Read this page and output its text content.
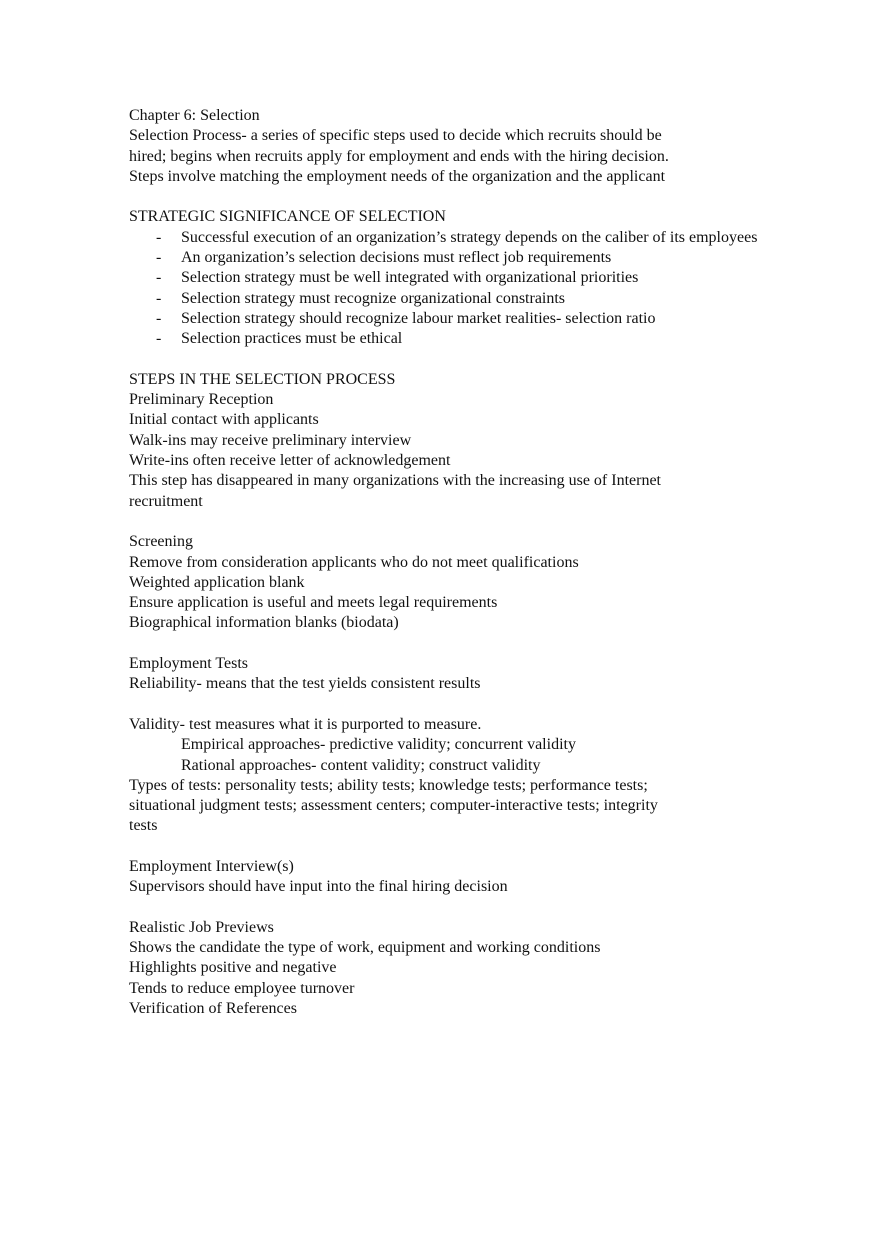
Chapter 6: Selection

Selection Process- a series of specific steps used to decide which recruits should be

hired; begins when recruits apply for employment and ends with the hiring decision.

Steps involve matching the employment needs of the organization and the applicant

STRATEGIC SIGNIFICANCE OF SELECTION

- Successful execution of an organization’s strategy depends on the caliber of its employees
- An organization’s selection decisions must reflect job requirements
- Selection strategy must be well integrated with organizational priorities
- Selection strategy must recognize organizational constraints
- Selection strategy should recognize labour market realities- selection ratio
- Selection practices must be ethical

STEPS IN THE SELECTION PROCESS

Preliminary Reception

Initial contact with applicants

Walk-ins may receive preliminary interview

Write-ins often receive letter of acknowledgement

This step has disappeared in many organizations with the increasing use of Internet

recruitment

Screening

Remove from consideration applicants who do not meet qualifications

Weighted application blank

Ensure application is useful and meets legal requirements

Biographical information blanks (biodata)

Employment Tests

Reliability- means that the test yields consistent results

Validity- test measures what it is purported to measure.

Empirical approaches- predictive validity; concurrent validity

Rational approaches- content validity; construct validity

Types of tests: personality tests; ability tests; knowledge tests; performance tests;

situational judgment tests; assessment centers; computer-interactive tests; integrity

tests

Employment Interview(s)

Supervisors should have input into the final hiring decision

Realistic Job Previews

Shows the candidate the type of work, equipment and working conditions

Highlights positive and negative

Tends to reduce employee turnover

Verification of References
